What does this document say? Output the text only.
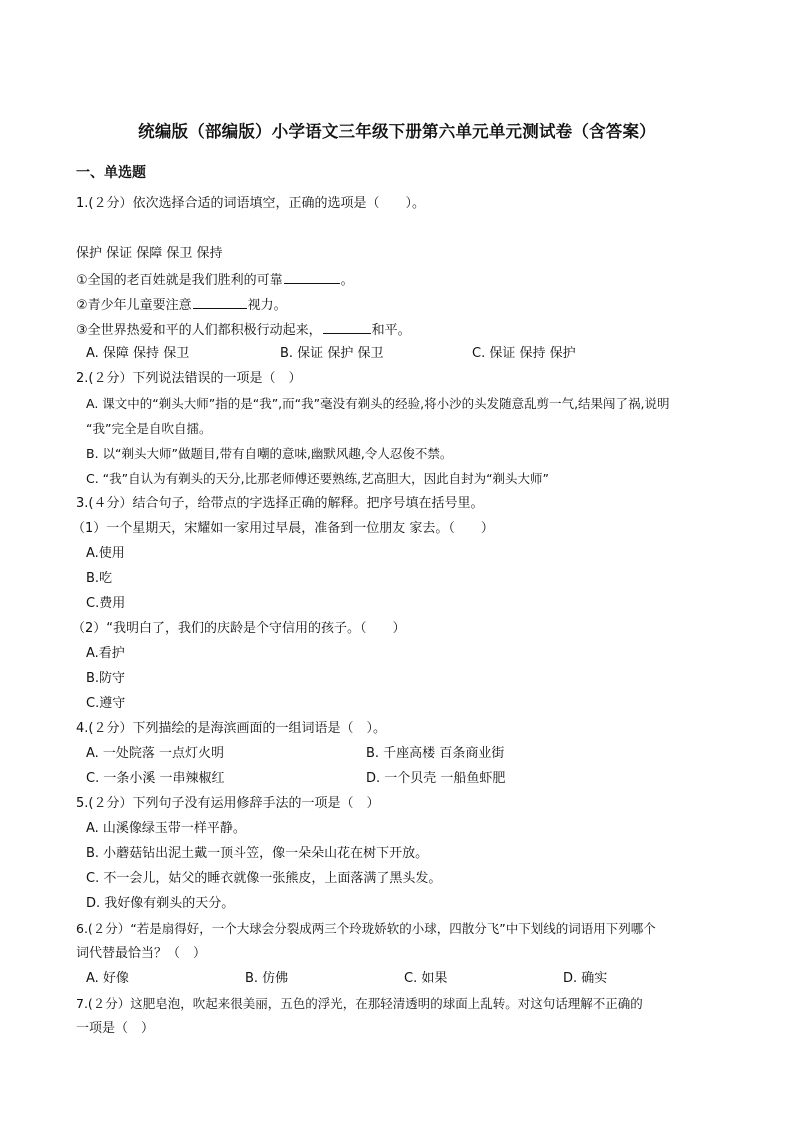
统编版（部编版）小学语文三年级下册第六单元单元测试卷（含答案）
一、单选题
1.(２分）依次选择合适的词语填空，正确的选项是（　　）。
保护 保证 保障 保卫 保持
①全国的老百姓就是我们胜利的可靠	。
②青少年儿童要注意	视力。
③全世界热爱和平的人们都积极行动起来，	和平。
A. 保障 保持 保卫	B. 保证 保护 保卫	C. 保证 保持 保护
2.(２分）下列说法错误的一项是（　）
A. 课文中的“剃头大师”指的是“我”,而“我”毫没有剃头的经验,将小沙的头发随意乱剪一气,结果闯了祸,说明
“我”完全是自吹自擂。
B. 以“剃头大师”做题目,带有自嘲的意味,幽默风趣,令人忍俊不禁。
C. “我”自认为有剃头的天分,比那老师傅还要熟练,艺高胆大，因此自封为“剃头大师”
3.(４分）结合句子，给带点的字选择正确的解释。把序号填在括号里。
（1）一个星期天，宋耀如一家用过早晨，准备到一位朋友 家去。（　　）
A.使用
B.吃
C.费用
（2）“我明白了，我们的庆龄是个守信用的孩子。（　　）
A.看护
B.防守
C.遵守
4.(２分）下列描绘的是海滨画面的一组词语是（　）。
A. 一处院落 一点灯火明	B. 千座高楼 百条商业街
C. 一条小溪 一串辣椒红	D. 一个贝壳 一船鱼虾肥
5.(２分）下列句子没有运用修辞手法的一项是（　）
A. 山溪像绿玉带一样平静。
B. 小蘑菇钻出泥土戴一顶斗笠，像一朵朵山花在树下开放。
C. 不一会儿，姑父的睡衣就像一张熊皮，上面落满了黑头发。
D. 我好像有剃头的天分。
6.(２分）“若是扇得好，一个大球会分裂成两三个玲珑娇软的小球，四散分飞”中下划线的词语用下列哪个
词代替最恰当？（　）
A. 好像	B. 仿佛	C. 如果	D. 确实
7.(２分）这肥皂泡，吹起来很美丽，五色的浮光，在那轻清透明的球面上乱转。对这句话理解不正确的
一项是（　）
